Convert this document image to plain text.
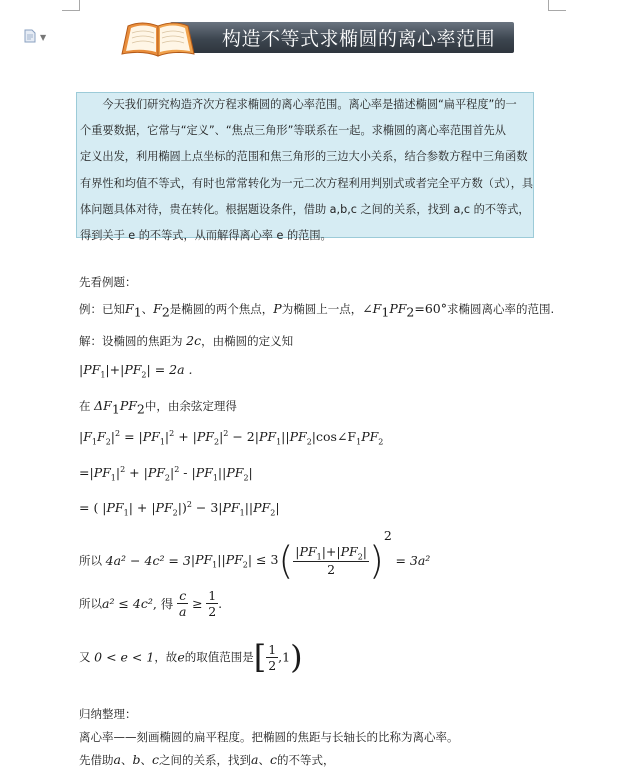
▼	构造不等式求椭圆的离心率范围
　　今天我们研究构造齐次方程求椭圆的离心率范围。离心率是描述椭圆“扁平程度”的一
个重要数据，它常与“定义”、“焦点三角形”等联系在一起。求椭圆的离心率范围首先从
定义出发，利用椭圆上点坐标的范围和焦三角形的三边大小关系，结合参数方程中三角函数
有界性和均值不等式，有时也常常转化为一元二次方程利用判别式或者完全平方数（式），具
体问题具体对待，贵在转化。根据题设条件，借助 a,b,c 之间的关系，找到 a,c 的不等式，
得到关于 e 的不等式，从而解得离心率 e 的范围。
先看例题：
例：已知$F_1$、$F_2$是椭圆的两个焦点，P为椭圆上一点，$\angle F_1PF_2=60^\circ$求椭圆离心率的范围.
解：设椭圆的焦距为 2c，由椭圆的定义知
$|PF_1|+|PF_2| = 2a$ .
在 $\Delta F_1PF_2$中，由余弦定理得
$|F_1F_2|^2 = |PF_1|^2 + |PF_2|^2$ − $2|PF_1||PF_2|\cos\angle F_1PF_2$
$=|PF_1|^2 + |PF_2|^2 - |PF_1||PF_2|$
= ( $|PF_1| + |PF_2|)^2 - 3|PF_1||PF_2|$
所以 $4a^2 - 4c^2 = 3|PF_1||PF_2| \le 3( \frac{|PF_1|+|PF_2|}{2} )^2 = 3a^2$
所以a² ≤ 4c², 得 $\frac{c}{a} \ge \frac{1}{2}$ .
又 0 < e < 1，故e的取值范围是[ $\frac{1}{2} ,1$)
归纳整理：
离心率——刻画椭圆的扁平程度。把椭圆的焦距与长轴长的比称为离心率。
先借助a、b、c之间的关系，找到a、c的不等式，
